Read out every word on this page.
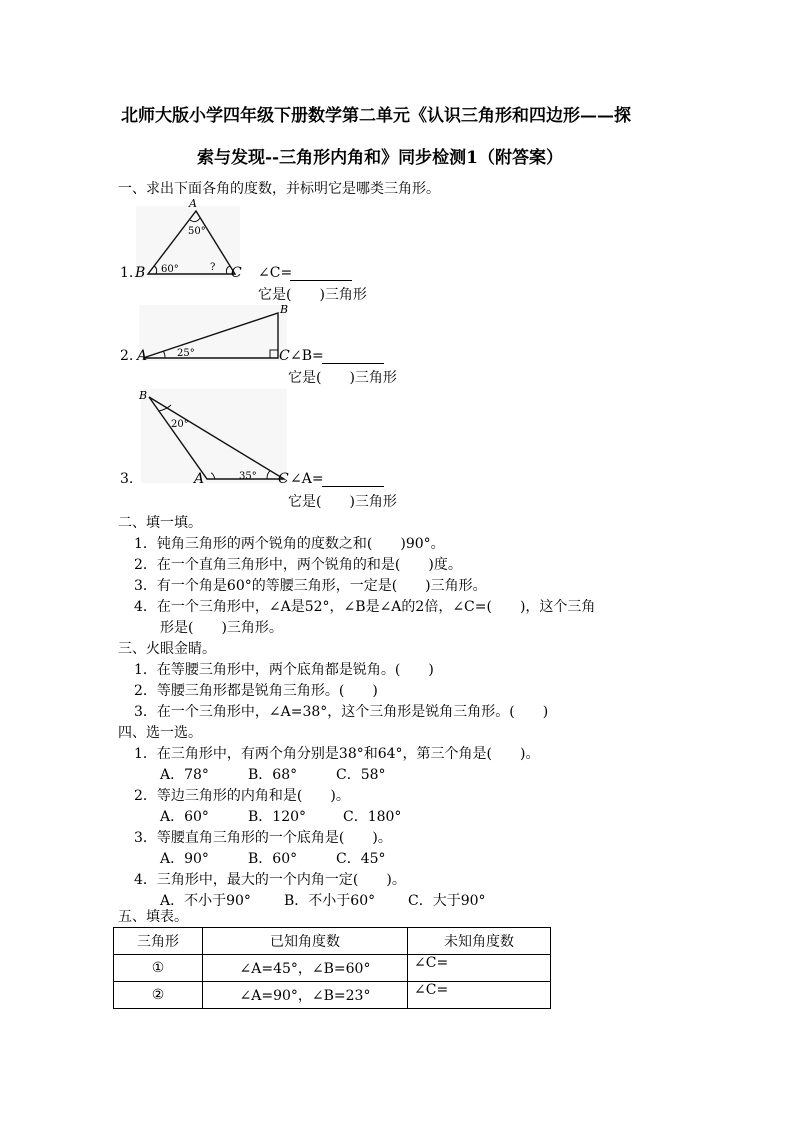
北师大版小学四年级下册数学第二单元《认识三角形和四边形——探
索与发现--三角形内角和》同步检测1（附答案）
一、求出下面各角的度数，并标明它是哪类三角形。
A
50°
60°	?
1. B	C ∠C=
它是(　　)三角形
B
25°
2. A	C ∠B=
它是(　　)三角形
B
20°
35°
3.	A	C ∠A=
它是(　　)三角形
二、填一填。
1．钝角三角形的两个锐角的度数之和(　　)90°。
2．在一个直角三角形中，两个锐角的和是(　　)度。
3．有一个角是60°的等腰三角形，一定是(　　)三角形。
4．在一个三角形中，∠A是52°，∠B是∠A的2倍，∠C=(　　)，这个三角
形是(　　)三角形。
三、火眼金睛。
1．在等腰三角形中，两个底角都是锐角。(　　)
2．等腰三角形都是锐角三角形。(　　)
3．在一个三角形中，∠A=38°，这个三角形是锐角三角形。(　　)
四、选一选。
1．在三角形中，有两个角分别是38°和64°，第三个角是(　　)。
A．78°	B．68°	C．58°
2．等边三角形的内角和是(　　)。
A．60°	B．120°	C．180°
3．等腰直角三角形的一个底角是(　　)。
A．90°	B．60°	C．45°
4．三角形中，最大的一个内角一定(　　)。
A．不小于90° B．不小于60° C．大于90°
五、填表。
三角形	已知角度数	未知角度数
①	∠A=45°，∠B=60°	∠C=
②	∠A=90°，∠B=23°	∠C=
